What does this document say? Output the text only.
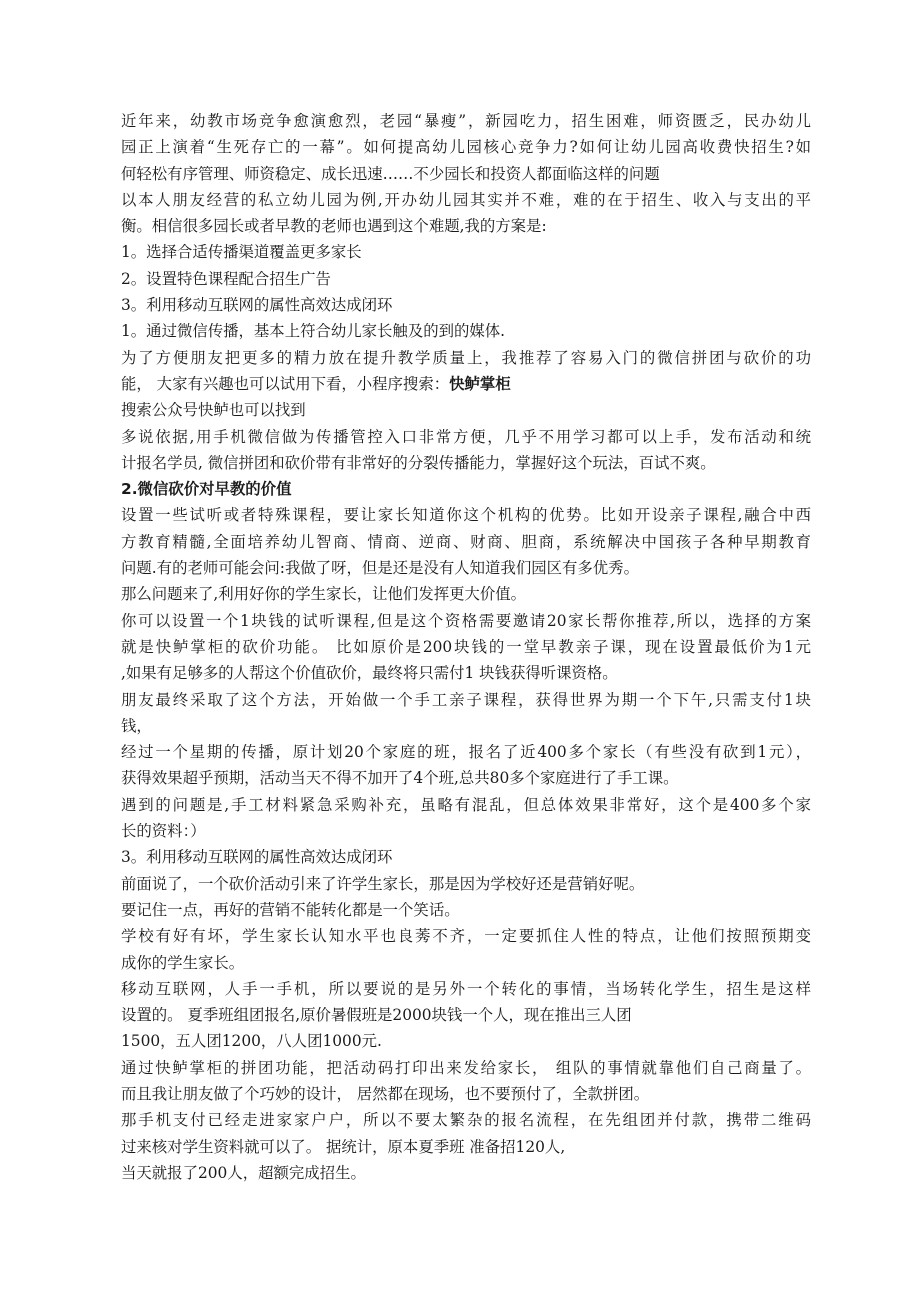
近年来，幼教市场竞争愈演愈烈，老园“暴瘦”，新园吃力，招生困难，师资匮乏，民办幼儿
园正上演着“生死存亡的一幕”。如何提高幼儿园核心竞争力?如何让幼儿园高收费快招生?如
何轻松有序管理、师资稳定、成长迅速……不少园长和投资人都面临这样的问题
以本人朋友经营的私立幼儿园为例,开办幼儿园其实并不难，难的在于招生、收入与支出的平
衡。相信很多园长或者早教的老师也遇到这个难题,我的方案是:
1。选择合适传播渠道覆盖更多家长
2。设置特色课程配合招生广告
3。利用移动互联网的属性高效达成闭环
1。通过微信传播，基本上符合幼儿家长触及的到的媒体.
为了方便朋友把更多的精力放在提升教学质量上，我推荐了容易入门的微信拼团与砍价的功
能， 大家有兴趣也可以试用下看，小程序搜索：快鲈掌柜
搜索公众号快鲈也可以找到
多说依据,用手机微信做为传播管控入口非常方便，几乎不用学习都可以上手，发布活动和统
计报名学员, 微信拼团和砍价带有非常好的分裂传播能力，掌握好这个玩法，百试不爽。
2.微信砍价对早教的价值
设置一些试听或者特殊课程，要让家长知道你这个机构的优势。比如开设亲子课程,融合中西
方教育精髓,全面培养幼儿智商、情商、逆商、财商、胆商，系统解决中国孩子各种早期教育
问题.有的老师可能会问:我做了呀，但是还是没有人知道我们园区有多优秀。
那么问题来了,利用好你的学生家长，让他们发挥更大价值。
你可以设置一个1块钱的试听课程,但是这个资格需要邀请20家长帮你推荐,所以，选择的方案
就是快鲈掌柜的砍价功能。 比如原价是200块钱的一堂早教亲子课，现在设置最低价为1元
,如果有足够多的人帮这个价值砍价，最终将只需付1 块钱获得听课资格。
朋友最终采取了这个方法，开始做一个手工亲子课程，获得世界为期一个下午,只需支付1块
钱，
经过一个星期的传播，原计划20个家庭的班，报名了近400多个家长（有些没有砍到1元），
获得效果超乎预期，活动当天不得不加开了4个班,总共80多个家庭进行了手工课。
遇到的问题是,手工材料紧急采购补充，虽略有混乱，但总体效果非常好，这个是400多个家
长的资料：）
3。利用移动互联网的属性高效达成闭环
前面说了，一个砍价活动引来了许学生家长，那是因为学校好还是营销好呢。
要记住一点，再好的营销不能转化都是一个笑话。
学校有好有坏，学生家长认知水平也良莠不齐，一定要抓住人性的特点，让他们按照预期变
成你的学生家长。
移动互联网，人手一手机，所以要说的是另外一个转化的事情，当场转化学生，招生是这样
设置的。 夏季班组团报名,原价暑假班是2000块钱一个人，现在推出三人团
1500，五人团1200，八人团1000元.
通过快鲈掌柜的拼团功能，把活动码打印出来发给家长， 组队的事情就靠他们自己商量了。
而且我让朋友做了个巧妙的设计， 居然都在现场，也不要预付了，全款拼团。
那手机支付已经走进家家户户，所以不要太繁杂的报名流程，在先组团并付款，携带二维码
过来核对学生资料就可以了。 据统计，原本夏季班 准备招120人,
当天就报了200人，超额完成招生。
